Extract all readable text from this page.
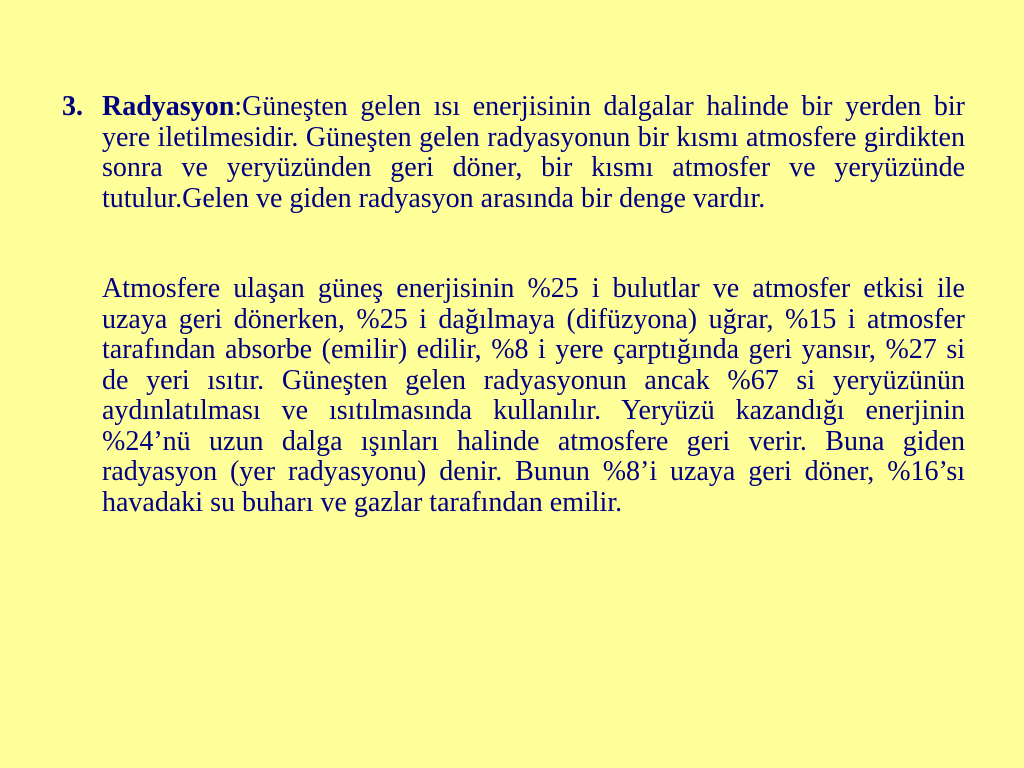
3. Radyasyon:Güneşten gelen ısı enerjisinin dalgalar halinde bir yerden bir yere iletilmesidir. Güneşten gelen radyasyonun bir kısmı atmosfere girdikten sonra ve yeryüzünden geri döner, bir kısmı atmosfer ve yeryüzünde tutulur.Gelen ve giden radyasyon arasında bir denge vardır.

Atmosfere ulaşan güneş enerjisinin %25 i bulutlar ve atmosfer etkisi ile uzaya geri dönerken, %25 i dağılmaya (difüzyona) uğrar, %15 i atmosfer tarafından absorbe (emilir) edilir, %8 i yere çarptığında geri yansır, %27 si de yeri ısıtır. Güneşten gelen radyasyonun ancak %67 si yeryüzünün aydınlatılması ve ısıtılmasında kullanılır. Yeryüzü kazandığı enerjinin %24’nü uzun dalga ışınları halinde atmosfere geri verir. Buna giden radyasyon (yer radyasyonu) denir. Bunun %8’i uzaya geri döner, %16’sı havadaki su buharı ve gazlar tarafından emilir.
